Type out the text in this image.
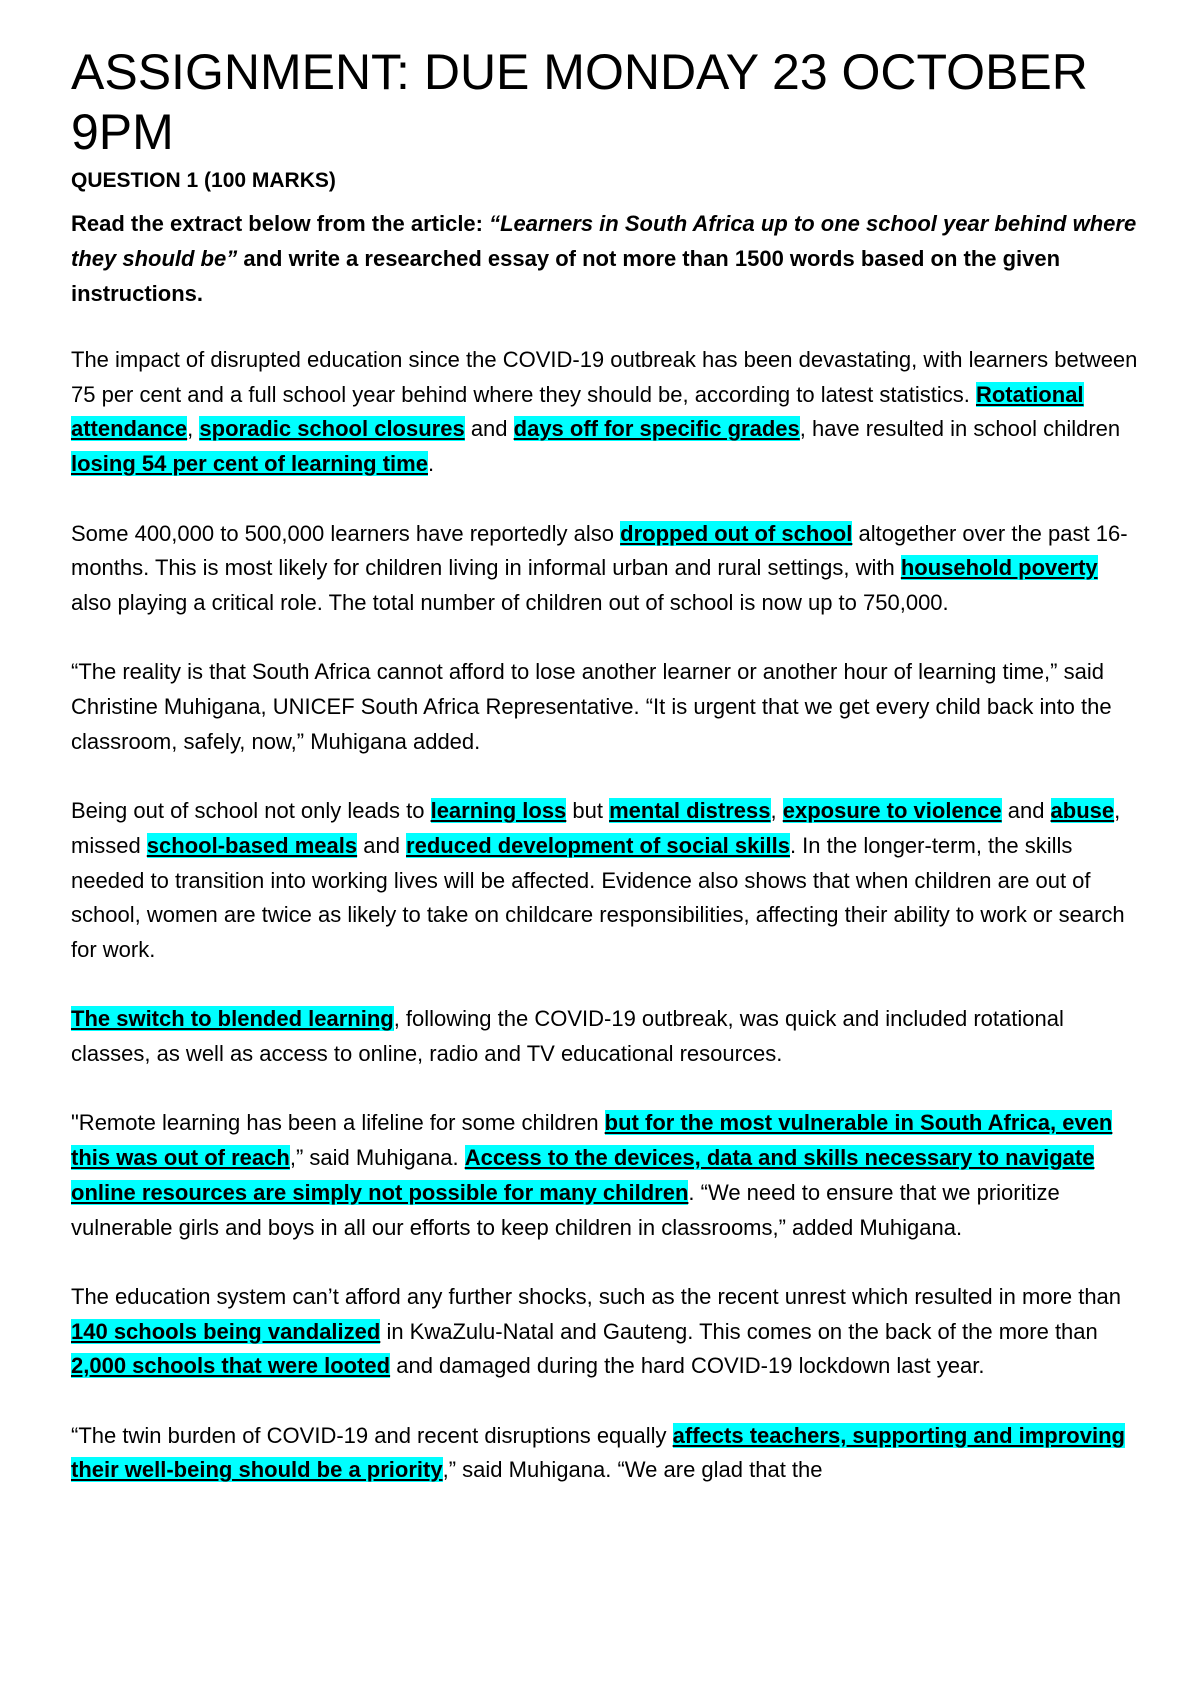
ASSIGNMENT: DUE MONDAY 23 OCTOBER 9PM
QUESTION 1 (100 MARKS)

Read the extract below from the article: “Learners in South Africa up to one school year behind where they should be” and write a researched essay of not more than 1500 words based on the given instructions.

The impact of disrupted education since the COVID-19 outbreak has been devastating, with learners between 75 per cent and a full school year behind where they should be, according to latest statistics. Rotational attendance, sporadic school closures and days off for specific grades, have resulted in school children losing 54 per cent of learning time.

Some 400,000 to 500,000 learners have reportedly also dropped out of school altogether over the past 16-months. This is most likely for children living in informal urban and rural settings, with household poverty also playing a critical role. The total number of children out of school is now up to 750,000.

“The reality is that South Africa cannot afford to lose another learner or another hour of learning time,” said Christine Muhigana, UNICEF South Africa Representative. “It is urgent that we get every child back into the classroom, safely, now,” Muhigana added.

Being out of school not only leads to learning loss but mental distress, exposure to violence and abuse, missed school-based meals and reduced development of social skills. In the longer-term, the skills needed to transition into working lives will be affected. Evidence also shows that when children are out of school, women are twice as likely to take on childcare responsibilities, affecting their ability to work or search for work.

The switch to blended learning, following the COVID-19 outbreak, was quick and included rotational classes, as well as access to online, radio and TV educational resources.

"Remote learning has been a lifeline for some children but for the most vulnerable in South Africa, even this was out of reach,” said Muhigana. Access to the devices, data and skills necessary to navigate online resources are simply not possible for many children. “We need to ensure that we prioritize vulnerable girls and boys in all our efforts to keep children in classrooms,” added Muhigana.

The education system can’t afford any further shocks, such as the recent unrest which resulted in more than 140 schools being vandalized in KwaZulu-Natal and Gauteng. This comes on the back of the more than 2,000 schools that were looted and damaged during the hard COVID-19 lockdown last year.

“The twin burden of COVID-19 and recent disruptions equally affects teachers, supporting and improving their well-being should be a priority,” said Muhigana. “We are glad that the
